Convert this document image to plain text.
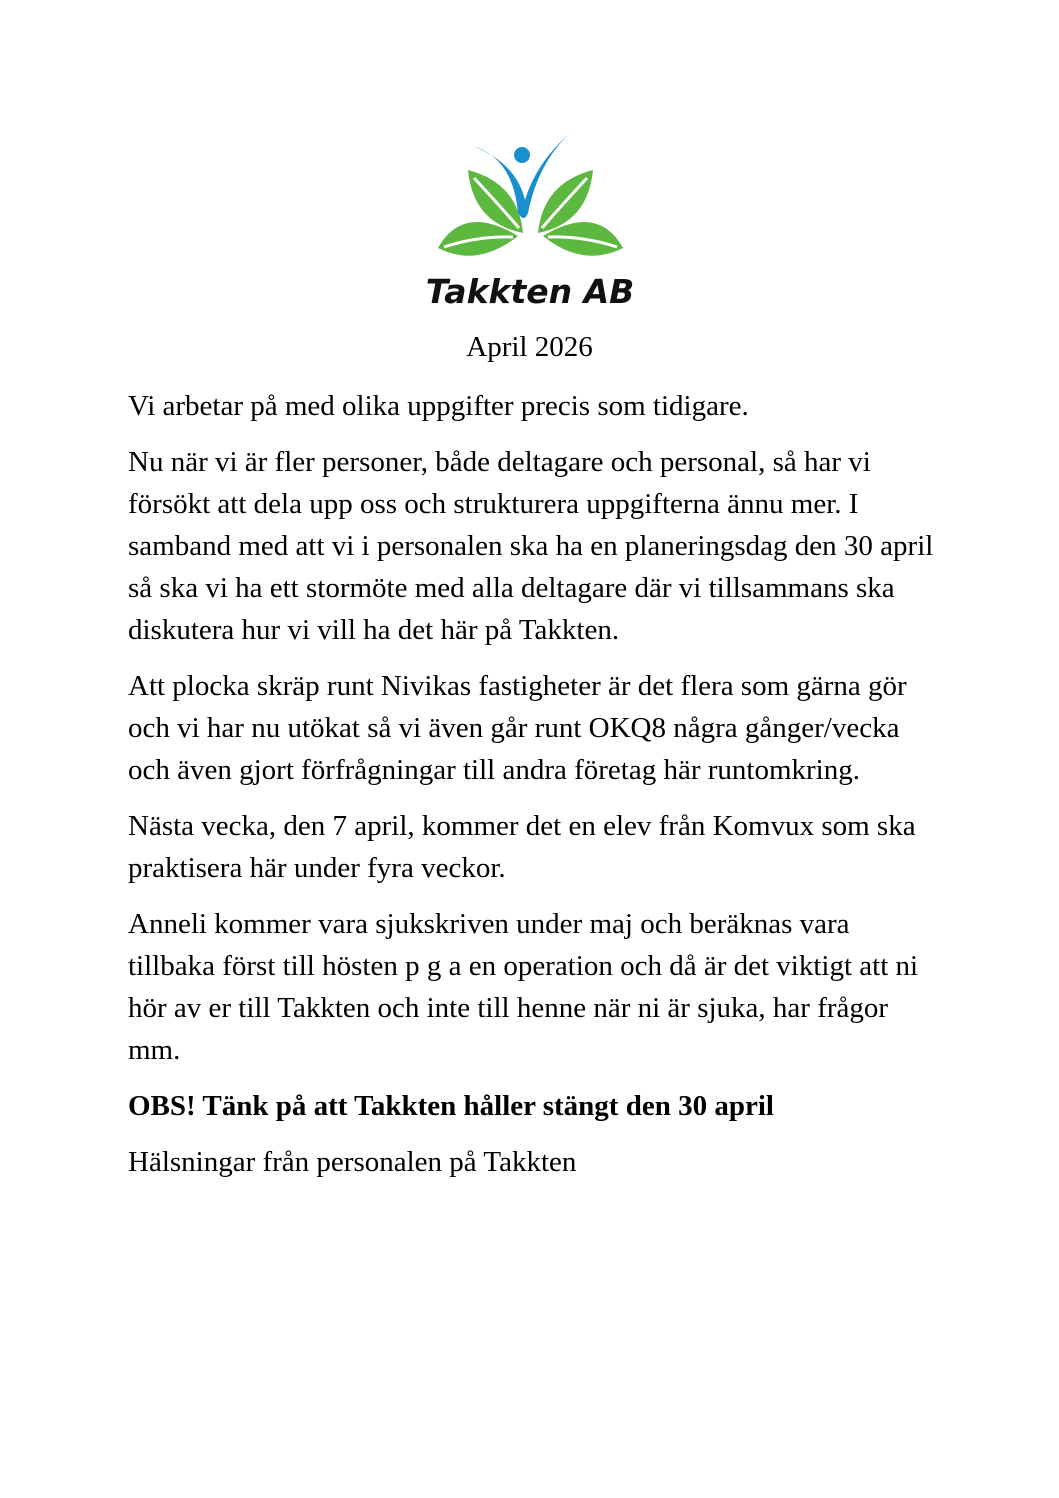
Takkten AB
April 2026

Vi arbetar på med olika uppgifter precis som tidigare.

Nu när vi är fler personer, både deltagare och personal, så har vi försökt att dela upp oss och strukturera uppgifterna ännu mer. I samband med att vi i personalen ska ha en planeringsdag den 30 april så ska vi ha ett stormöte med alla deltagare där vi tillsammans ska diskutera hur vi vill ha det här på Takkten.

Att plocka skräp runt Nivikas fastigheter är det flera som gärna gör och vi har nu utökat så vi även går runt OKQ8 några gånger/vecka och även gjort förfrågningar till andra företag här runtomkring.

Nästa vecka, den 7 april, kommer det en elev från Komvux som ska praktisera här under fyra veckor.

Anneli kommer vara sjukskriven under maj och beräknas vara tillbaka först till hösten p g a en operation och då är det viktigt att ni hör av er till Takkten och inte till henne när ni är sjuka, har frågor mm.

OBS! Tänk på att Takkten håller stängt den 30 april

Hälsningar från personalen på Takkten
